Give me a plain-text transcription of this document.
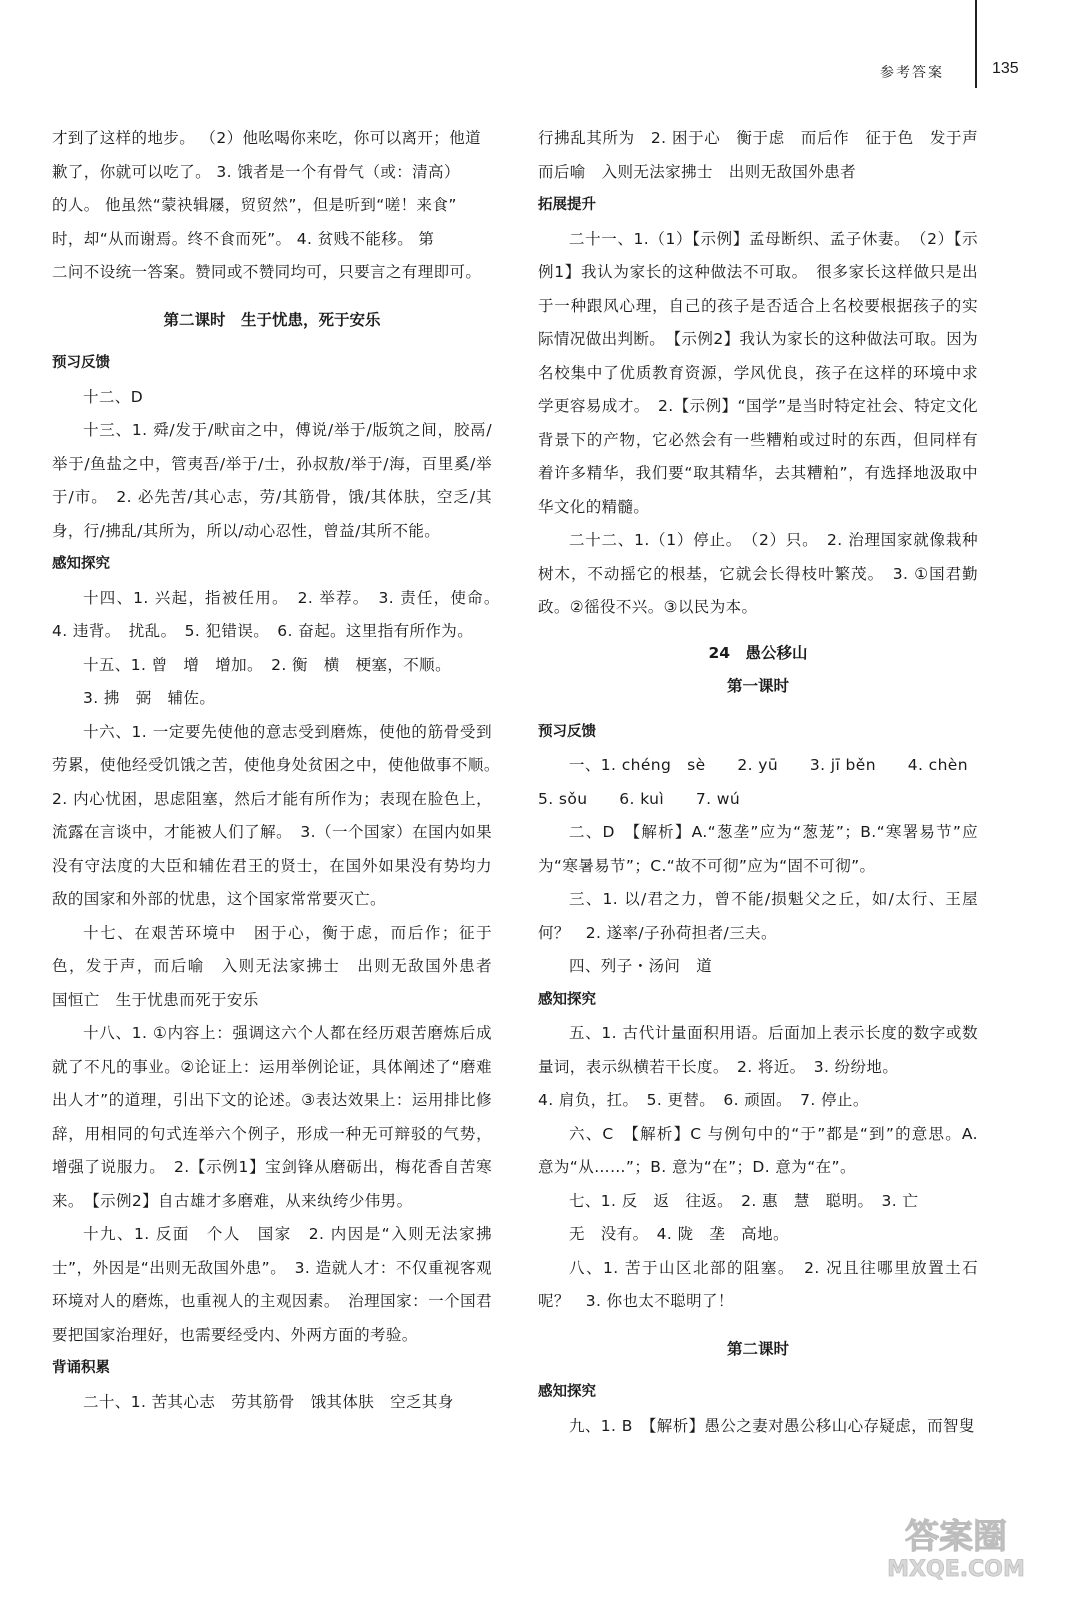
参考答案	135

才到了这样的地步。 （2）他吆喝你来吃，你可以离开；他道

歉了，你就可以吃了。 3. 饿者是一个有骨气（或：清高）

的人。 他虽然“蒙袂辑屦，贸贸然”，但是听到“嗟！来食”

时，却“从而谢焉。终不食而死”。 4. 贫贱不能移。 第

二问不设统一答案。赞同或不赞同均可，只要言之有理即可。

第二课时　生于忧患，死于安乐
预习反馈

十二、D

十三、1. 舜/发于/畎亩之中，傅说/举于/版筑之间，胶鬲/举于/鱼盐之中，管夷吾/举于/士，孙叔敖/举于/海，百里奚/举于/市。　2. 必先苦/其心志，劳/其筋骨，饿/其体肤，空乏/其身，行/拂乱/其所为，所以/动心忍性，曾益/其所不能。

感知探究

十四、1. 兴起，指被任用。　2. 举荐。　3. 责任，使命。　4. 违背。　扰乱。　5. 犯错误。　6. 奋起。这里指有所作为。

十五、1. 曾　增　增加。　2. 衡　横　梗塞，不顺。

3. 拂　弼　辅佐。

十六、1. 一定要先使他的意志受到磨炼，使他的筋骨受到劳累，使他经受饥饿之苦，使他身处贫困之中，使他做事不顺。　2. 内心忧困，思虑阻塞，然后才能有所作为；表现在脸色上，流露在言谈中，才能被人们了解。　3.（一个国家）在国内如果没有守法度的大臣和辅佐君王的贤士，在国外如果没有势均力敌的国家和外部的忧患，这个国家常常要灭亡。

十七、在艰苦环境中　困于心，衡于虑，而后作；征于色，发于声，而后喻　入则无法家拂士　出则无敌国外患者　国恒亡　生于忧患而死于安乐

十八、1. ①内容上：强调这六个人都在经历艰苦磨炼后成就了不凡的事业。②论证上：运用举例论证，具体阐述了“磨难出人才”的道理，引出下文的论述。③表达效果上：运用排比修辞，用相同的句式连举六个例子，形成一种无可辩驳的气势，增强了说服力。　2.【示例1】宝剑锋从磨砺出，梅花香自苦寒来。　【示例2】自古雄才多磨难，从来纨绔少伟男。

十九、1. 反面　个人　国家　2. 内因是“入则无法家拂士”，外因是“出则无敌国外患”。　3. 造就人才：不仅重视客观环境对人的磨炼，也重视人的主观因素。　治理国家：一个国君要把国家治理好，也需要经受内、外两方面的考验。

背诵积累

二十、1. 苦其心志　劳其筋骨　饿其体肤　空乏其身

行拂乱其所为　2. 困于心　衡于虑　而后作　征于色　发于声　而后喻　入则无法家拂士　出则无敌国外患者

拓展提升

二十一、1.（1）【示例】孟母断织、孟子休妻。　（2）【示例1】我认为家长的这种做法不可取。　很多家长这样做只是出于一种跟风心理，自己的孩子是否适合上名校要根据孩子的实际情况做出判断。　【示例2】我认为家长的这种做法可取。因为名校集中了优质教育资源，学风优良，孩子在这样的环境中求学更容易成才。　2.【示例】“国学”是当时特定社会、特定文化背景下的产物，它必然会有一些糟粕或过时的东西，但同样有着许多精华，我们要“取其精华，去其糟粕”，有选择地汲取中华文化的精髓。

二十二、1.（1）停止。　（2）只。　2. 治理国家就像栽种树木，不动摇它的根基，它就会长得枝叶繁茂。　3. ①国君勤政。②徭役不兴。③以民为本。

24　愚公移山
第一课时
预习反馈

一、1. chéng　sè　　2. yū　　3. jī běn　　4. chèn

5. sǒu　　6. kuì　　7. wú

二、D　【解析】A.“葱垄”应为“葱茏”；B.“寒署易节”应为“寒暑易节”；C.“故不可彻”应为“固不可彻”。

三、1. 以/君之力，曾不能/损魁父之丘，如/太行、王屋何？　2. 遂率/子孙荷担者/三夫。

四、列子・汤问　道

感知探究

五、1. 古代计量面积用语。后面加上表示长度的数字或数量词，表示纵横若干长度。　2. 将近。　3. 纷纷地。

4. 肩负，扛。　5. 更替。　6. 顽固。　7. 停止。

六、C　【解析】C 与例句中的“于”都是“到”的意思。A. 意为“从……”；B. 意为“在”；D. 意为“在”。

七、1. 反　返　往返。　2. 惠　慧　聪明。　3. 亡

无　没有。　4. 陇　垄　高地。

八、1. 苦于山区北部的阻塞。　2. 况且往哪里放置土石呢？　3. 你也太不聪明了！

第二课时
感知探究

九、1. B　【解析】愚公之妻对愚公移山心存疑虑，而智叟

答案圈
MXQE.COM
